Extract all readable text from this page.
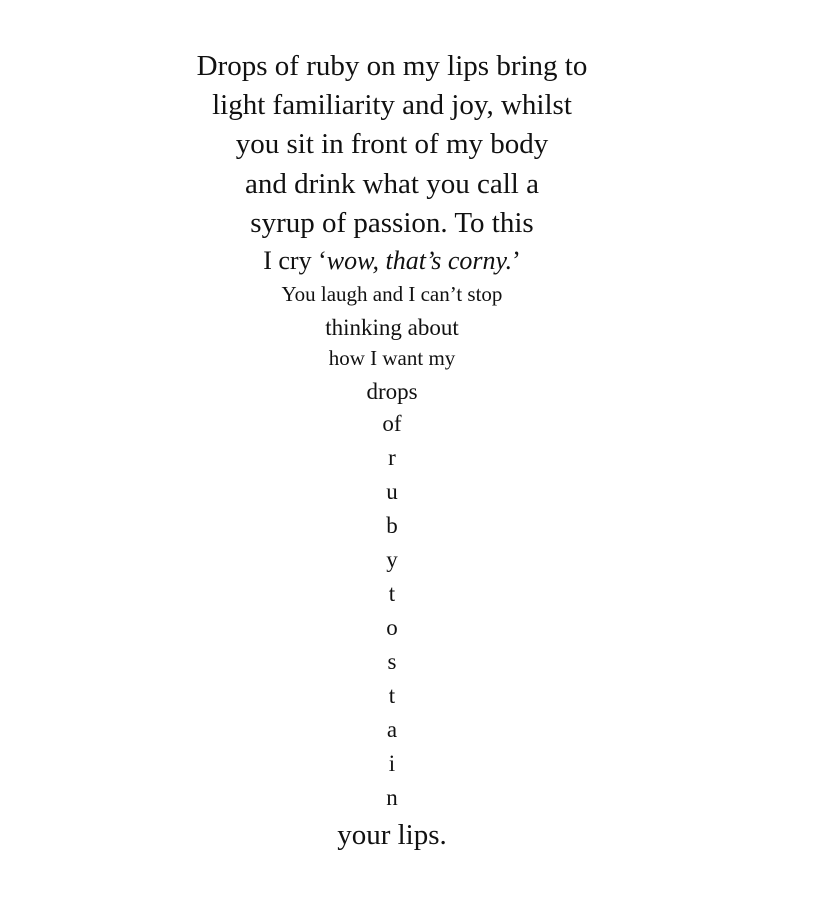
Drops of ruby on my lips bring to
light familiarity and joy, whilst
you sit in front of my body
and drink what you call a
syrup of passion. To this
I cry ‘wow, that’s corny.’
You laugh and I can’t stop
thinking about
how I want my
drops
of
r
u
b
y
t
o
s
t
a
i
n
your lips.
